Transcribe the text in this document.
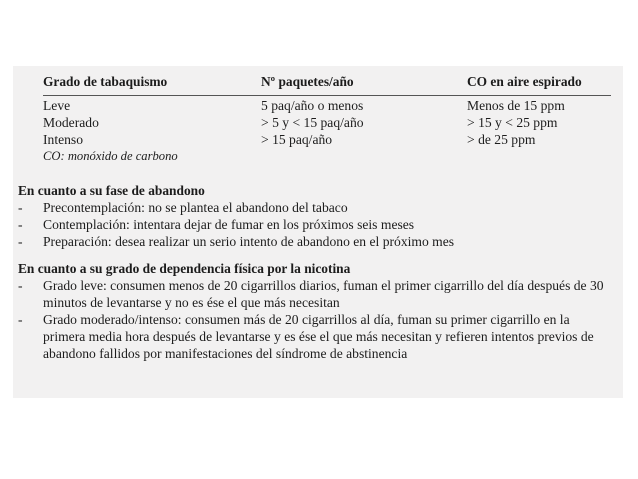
Grado de tabaquismo	Nº paquetes/año	CO en aire espirado
Leve	5 paq/año o menos	Menos de 15 ppm
Moderado	> 5 y < 15 paq/año	> 15 y < 25 ppm
Intenso	> 15 paq/año	> de 25 ppm
CO: monóxido de carbono
En cuanto a su fase de abandono
- Precontemplación: no se plantea el abandono del tabaco
- Contemplación: intentara dejar de fumar en los próximos seis meses
- Preparación: desea realizar un serio intento de abandono en el próximo mes
En cuanto a su grado de dependencia física por la nicotina
- Grado leve: consumen menos de 20 cigarrillos diarios, fuman el primer cigarrillo del día después de 30 minutos de levantarse y no es ése el que más necesitan
- Grado moderado/intenso: consumen más de 20 cigarrillos al día, fuman su primer cigarrillo en la primera media hora después de levantarse y es ése el que más necesitan y refieren intentos previos de abandono fallidos por manifestaciones del síndrome de abstinencia
